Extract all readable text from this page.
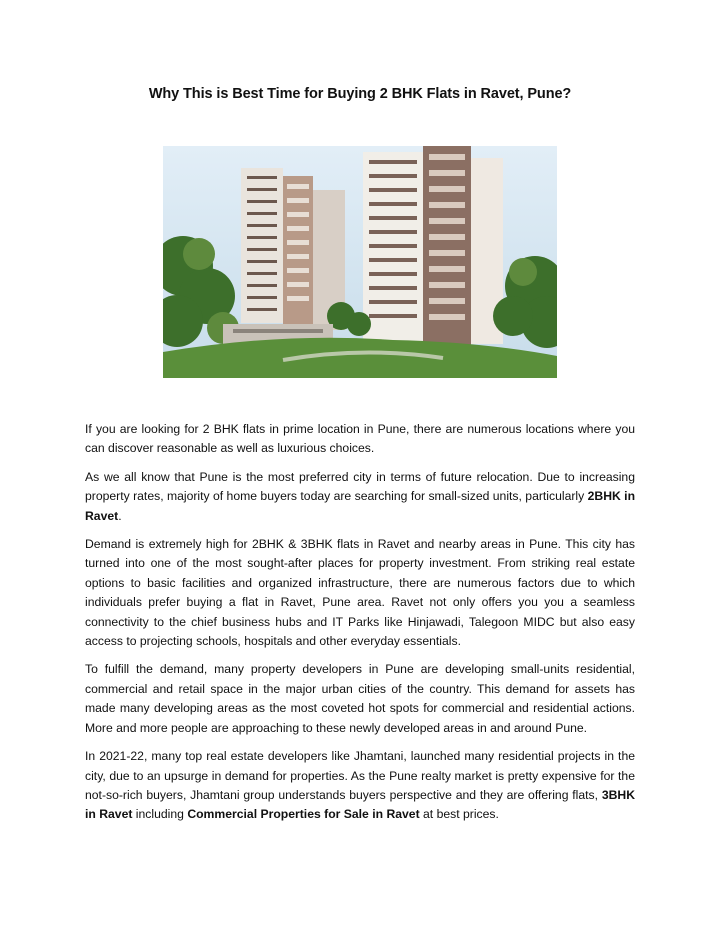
Why This is Best Time for Buying 2 BHK Flats in Ravet, Pune?

If you are looking for 2 BHK flats in prime location in Pune, there are numerous locations where you can discover reasonable as well as luxurious choices.

As we all know that Pune is the most preferred city in terms of future relocation. Due to increasing property rates, majority of home buyers today are searching for small-sized units, particularly 2BHK in Ravet.

Demand is extremely high for 2BHK & 3BHK flats in Ravet and nearby areas in Pune. This city has turned into one of the most sought-after places for property investment. From striking real estate options to basic facilities and organized infrastructure, there are numerous factors due to which individuals prefer buying a flat in Ravet, Pune area. Ravet not only offers you you a seamless connectivity to the chief business hubs and IT Parks like Hinjawadi, Talegoon MIDC but also easy access to projecting schools, hospitals and other everyday essentials.

To fulfill the demand, many property developers in Pune are developing small-units residential, commercial and retail space in the major urban cities of the country. This demand for assets has made many developing areas as the most coveted hot spots for commercial and residential actions. More and more people are approaching to these newly developed areas in and around Pune.

In 2021-22, many top real estate developers like Jhamtani, launched many residential projects in the city, due to an upsurge in demand for properties. As the Pune realty market is pretty expensive for the not-so-rich buyers, Jhamtani group understands buyers perspective and they are offering flats, 3BHK in Ravet including Commercial Properties for Sale in Ravet at best prices.
